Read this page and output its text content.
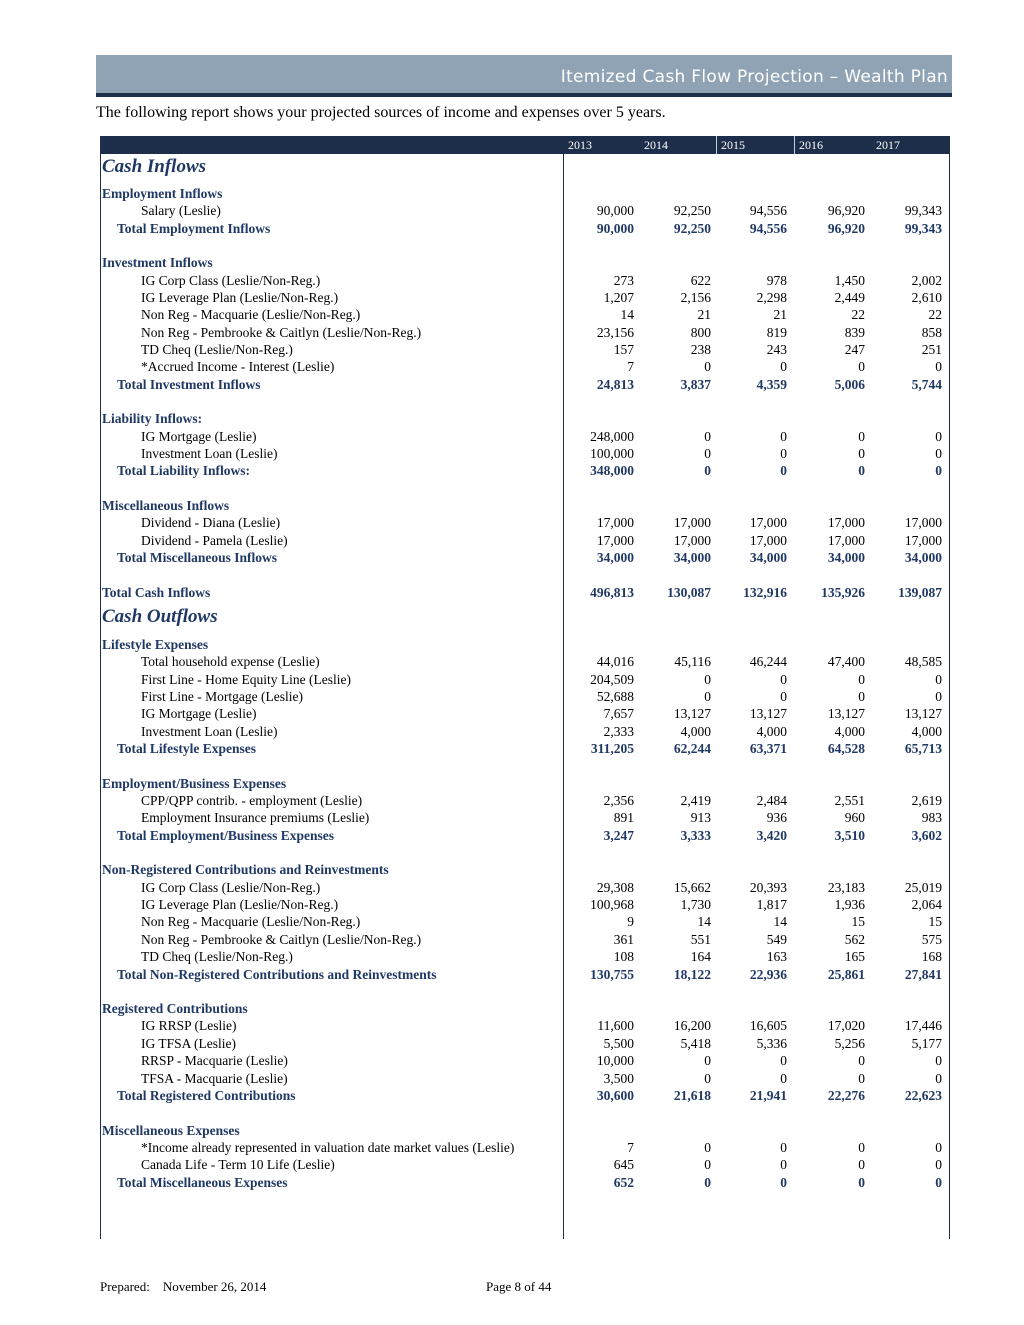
Itemized Cash Flow Projection – Wealth Plan
The following report shows your projected sources of income and expenses over 5 years.
2013	2014	2015	2016	2017
Cash Inflows
Employment Inflows
Salary (Leslie)	90,000	92,250	94,556	96,920	99,343
Total Employment Inflows	90,000	92,250	94,556	96,920	99,343
Investment Inflows
IG Corp Class (Leslie/Non-Reg.)	273	622	978	1,450	2,002
IG Leverage Plan (Leslie/Non-Reg.)	1,207	2,156	2,298	2,449	2,610
Non Reg - Macquarie (Leslie/Non-Reg.)	14	21	21	22	22
Non Reg - Pembrooke & Caitlyn (Leslie/Non-Reg.)	23,156	800	819	839	858
TD Cheq (Leslie/Non-Reg.)	157	238	243	247	251
*Accrued Income - Interest (Leslie)	7	0	0	0	0
Total Investment Inflows	24,813	3,837	4,359	5,006	5,744
Liability Inflows:
IG Mortgage (Leslie)	248,000	0	0	0	0
Investment Loan (Leslie)	100,000	0	0	0	0
Total Liability Inflows:	348,000	0	0	0	0
Miscellaneous Inflows
Dividend - Diana (Leslie)	17,000	17,000	17,000	17,000	17,000
Dividend - Pamela (Leslie)	17,000	17,000	17,000	17,000	17,000
Total Miscellaneous Inflows	34,000	34,000	34,000	34,000	34,000
Total Cash Inflows	496,813	130,087	132,916	135,926	139,087
Cash Outflows
Lifestyle Expenses
Total household expense (Leslie)	44,016	45,116	46,244	47,400	48,585
First Line - Home Equity Line (Leslie)	204,509	0	0	0	0
First Line - Mortgage (Leslie)	52,688	0	0	0	0
IG Mortgage (Leslie)	7,657	13,127	13,127	13,127	13,127
Investment Loan (Leslie)	2,333	4,000	4,000	4,000	4,000
Total Lifestyle Expenses	311,205	62,244	63,371	64,528	65,713
Employment/Business Expenses
CPP/QPP contrib. - employment (Leslie)	2,356	2,419	2,484	2,551	2,619
Employment Insurance premiums (Leslie)	891	913	936	960	983
Total Employment/Business Expenses	3,247	3,333	3,420	3,510	3,602
Non-Registered Contributions and Reinvestments
IG Corp Class (Leslie/Non-Reg.)	29,308	15,662	20,393	23,183	25,019
IG Leverage Plan (Leslie/Non-Reg.)	100,968	1,730	1,817	1,936	2,064
Non Reg - Macquarie (Leslie/Non-Reg.)	9	14	14	15	15
Non Reg - Pembrooke & Caitlyn (Leslie/Non-Reg.)	361	551	549	562	575
TD Cheq (Leslie/Non-Reg.)	108	164	163	165	168
Total Non-Registered Contributions and Reinvestments	130,755	18,122	22,936	25,861	27,841
Registered Contributions
IG RRSP (Leslie)	11,600	16,200	16,605	17,020	17,446
IG TFSA (Leslie)	5,500	5,418	5,336	5,256	5,177
RRSP - Macquarie (Leslie)	10,000	0	0	0	0
TFSA - Macquarie (Leslie)	3,500	0	0	0	0
Total Registered Contributions	30,600	21,618	21,941	22,276	22,623
Miscellaneous Expenses
*Income already represented in valuation date market values (Leslie)	7	0	0	0	0
Canada Life - Term 10 Life (Leslie)	645	0	0	0	0
Total Miscellaneous Expenses	652	0	0	0	0
Prepared: November 26, 2014	Page 8 of 44
